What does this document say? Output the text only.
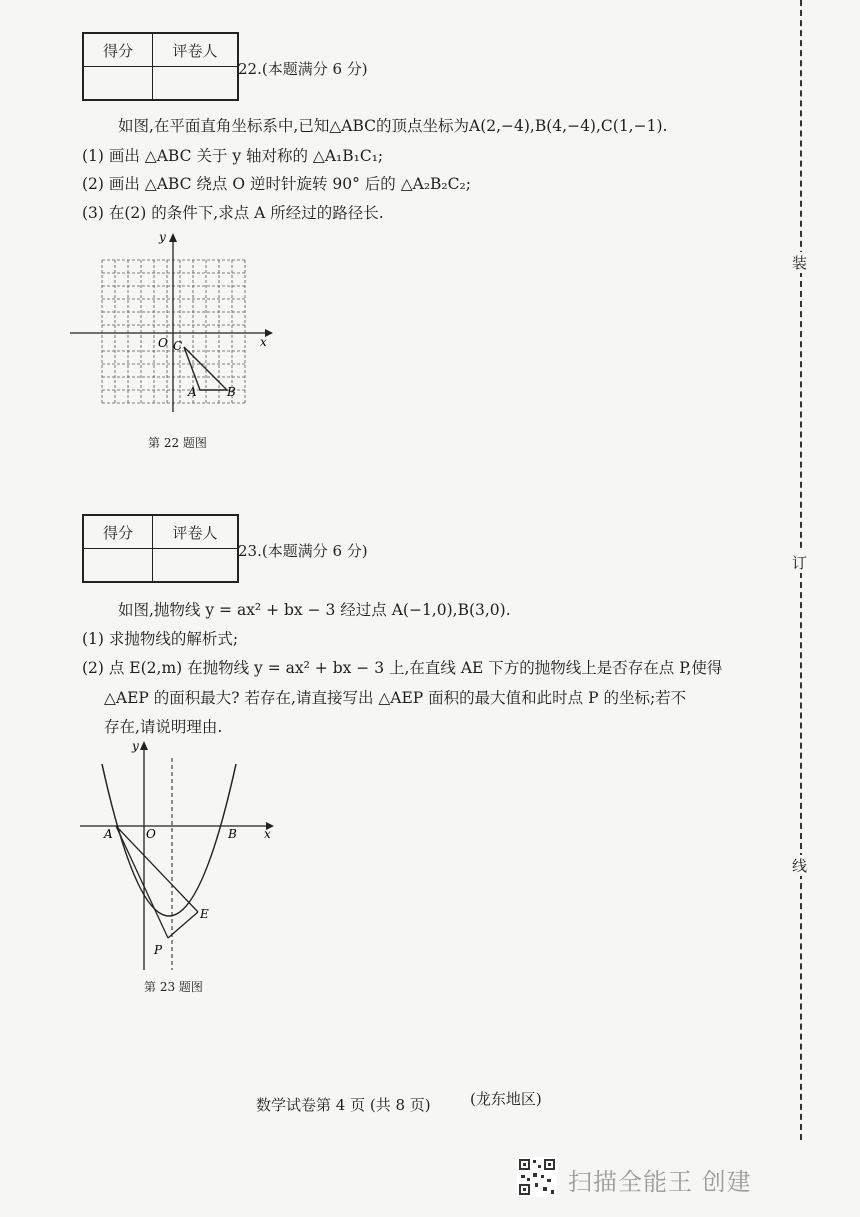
装
订
线
得分	评卷人

22.(本题满分 6 分)
如图,在平面直角坐标系中,已知△ABC的顶点坐标为A(2,−4),B(4,−4),C(1,−1).
(1) 画出 △ABC 关于 y 轴对称的 △A₁B₁C₁;
(2) 画出 △ABC 绕点 O 逆时针旋转 90° 后的 △A₂B₂C₂;
(3) 在(2) 的条件下,求点 A 所经过的路径长.
y
x
O C
A	B
第 22 题图
得分	评卷人

23.(本题满分 6 分)
如图,抛物线 y = ax² + bx − 3 经过点 A(−1,0),B(3,0).
(1) 求抛物线的解析式;
(2) 点 E(2,m) 在抛物线 y = ax² + bx − 3 上,在直线 AE 下方的抛物线上是否存在点 P,使得
△AEP 的面积最大? 若存在,请直接写出 △AEP 面积的最大值和此时点 P 的坐标;若不
存在,请说明理由.
y
x
O
A	B
E
P
第 23 题图
数学试卷第 4 页 (共 8 页)	(龙东地区)
扫描全能王 创建
